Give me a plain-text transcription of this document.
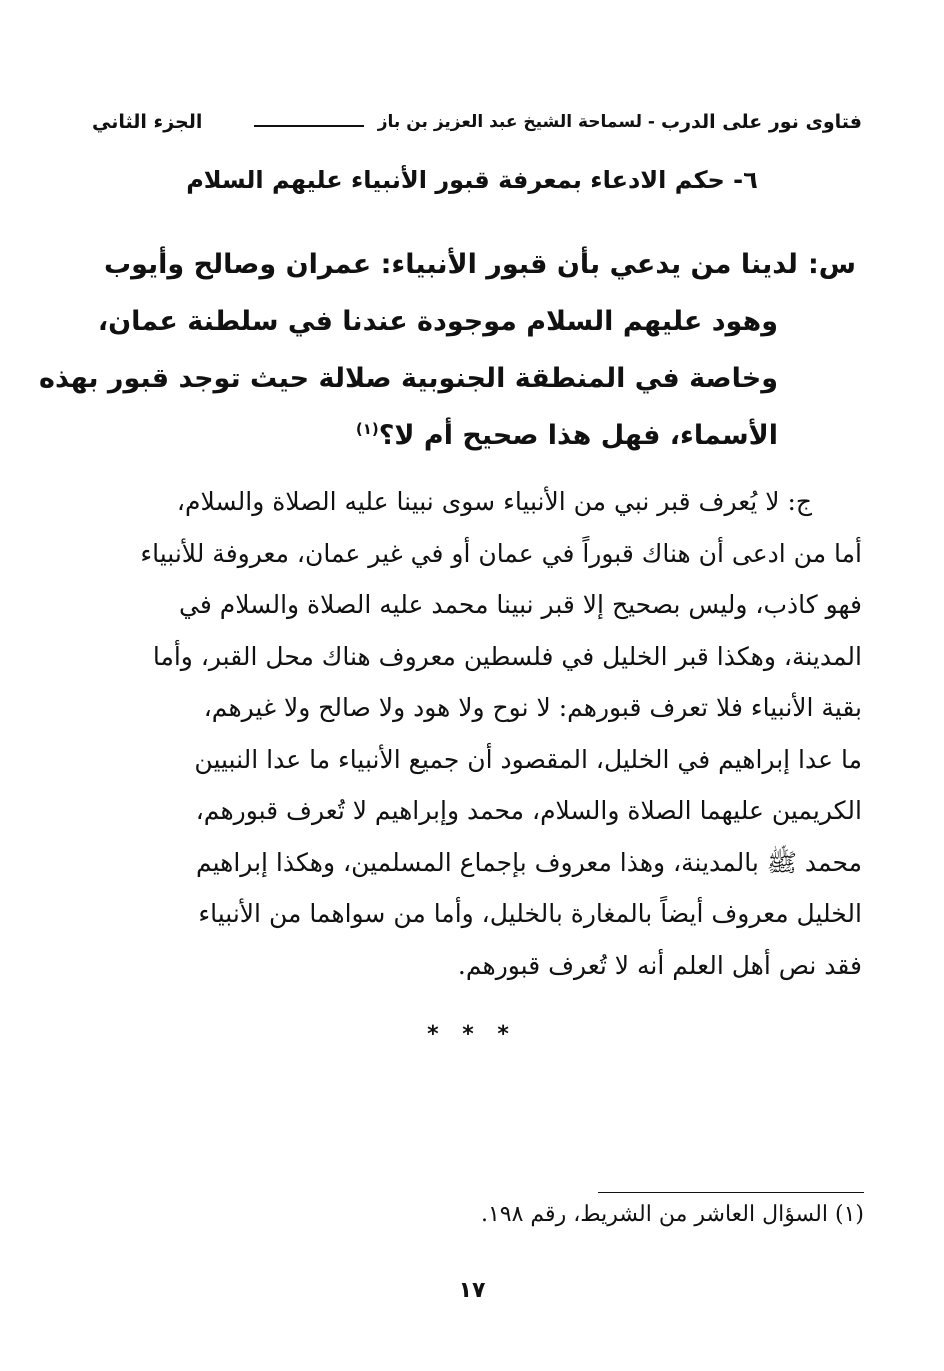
فتاوى نور على الدرب
- لسماحة الشيخ عبد العزيز بن باز
الجزء الثاني
٦- حكم الادعاء بمعرفة قبور الأنبياء عليهم السلام
س:لدينا من يدعي بأن قبور الأنبياء: عمران وصالح وأيوب
وهود عليهم السلام موجودة عندنا في سلطنة عمان،
وخاصة في المنطقة الجنوبية صلالة حيث توجد قبور بهذه
الأسماء، فهل هذا صحيح أم لا؟$^{(١)}$
ج: لا يُعرف قبر نبي من الأنبياء سوى نبينا عليه الصلاة والسلام،
أما من ادعى أن هناك قبوراً في عمان أو في غير عمان، معروفة للأنبياء
فهو كاذب، وليس بصحيح إلا قبر نبينا محمد عليه الصلاة والسلام في
المدينة، وهكذا قبر الخليل في فلسطين معروف هناك محل القبر، وأما
بقية الأنبياء فلا تعرف قبورهم: لا نوح ولا هود ولا صالح ولا غيرهم،
ما عدا إبراهيم في الخليل، المقصود أن جميع الأنبياء ما عدا النبيين
الكريمين عليهما الصلاة والسلام، محمد وإبراهيم لا تُعرف قبورهم،
محمد ﷺ بالمدينة، وهذا معروف بإجماع المسلمين، وهكذا إبراهيم
الخليل معروف أيضاً بالمغارة بالخليل، وأما من سواهما من الأنبياء
فقد نص أهل العلم أنه لا تُعرف قبورهم.
* * *
(١) السؤال العاشر من الشريط، رقم ١٩٨.
١٧
